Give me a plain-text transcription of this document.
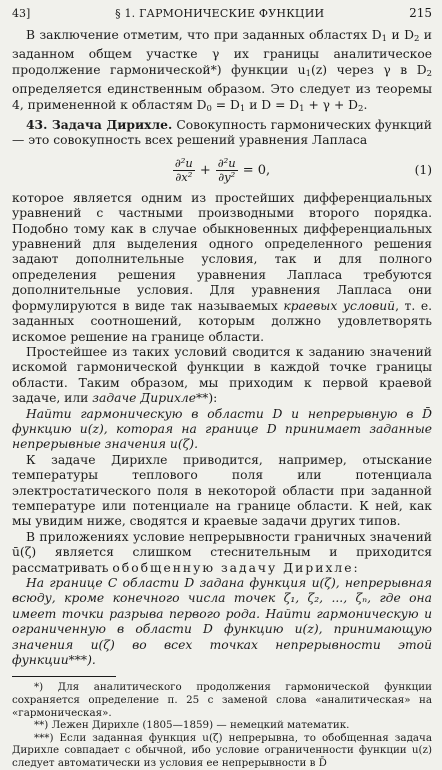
43]	§ 1. ГАРМОНИЧЕСКИЕ ФУНКЦИИ	215

В заключение отметим, что при заданных областях $D_1$ и $D_2$ и заданном общем участке γ их границы аналитическое продолжение гармонической*) функции $u_1(z)$ через γ в $D_2$ определяется единственным образом. Это следует из теоремы 4, примененной к областям $D_0 = D_1$ и $D = D_1 + \gamma + D_2$.

43. Задача Дирихле. Совокупность гармонических функций — это совокупность всех решений уравнения Лапласа

$\frac{\text{∂²u}}{\text{∂x²}} + \frac{\text{∂²u}}{\text{∂y²}} = 0$,	(1)

которое является одним из простейших дифференциальных уравнений с частными производными второго порядка. Подобно тому как в случае обыкновенных дифференциальных уравнений для выделения одного определенного решения задают дополнительные условия, так и для полного определения решения уравнения Лапласа требуются дополнительные условия. Для уравнения Лапласа они формулируются в виде так называемых краевых условий, т. е. заданных соотношений, которым должно удовлетворять искомое решение на границе области.

Простейшее из таких условий сводится к заданию значений искомой гармонической функции в каждой точке границы области. Таким образом, мы приходим к первой краевой задаче, или задаче Дирихле**):

Найти гармоническую в области D и непрерывную в D̄ функцию u(z), которая на границе D принимает заданные непрерывные значения u(ζ).

К задаче Дирихле приводится, например, отыскание температуры теплового поля или потенциала электростатического поля в некоторой области при заданной температуре или потенциале на границе области. К ней, как мы увидим ниже, сводятся и краевые задачи других типов.

В приложениях условие непрерывности граничных значений ū(ζ) является слишком стеснительным и приходится рассматривать обобщенную задачу Дирихле:

На границе C области D задана функция u(ζ), непрерывная всюду, кроме конечного числа точек ζ₁, ζ₂, ..., ζₙ, где она имеет точки разрыва первого рода. Найти гармоническую и ограниченную в области D функцию u(z), принимающую значения u(ζ) во всех точках непрерывности этой функции***).

*) Для аналитического продолжения гармонической функции сохраняется определение п. 25 с заменой слова «аналитическая» на «гармоническая».

**) Лежен Дирихле (1805—1859) — немецкий математик.

***) Если заданная функция u(ζ) непрерывна, то обобщенная задача Дирихле совпадает с обычной, ибо условие ограниченности функции u(z) следует автоматически из условия ее непрерывности в D̄
